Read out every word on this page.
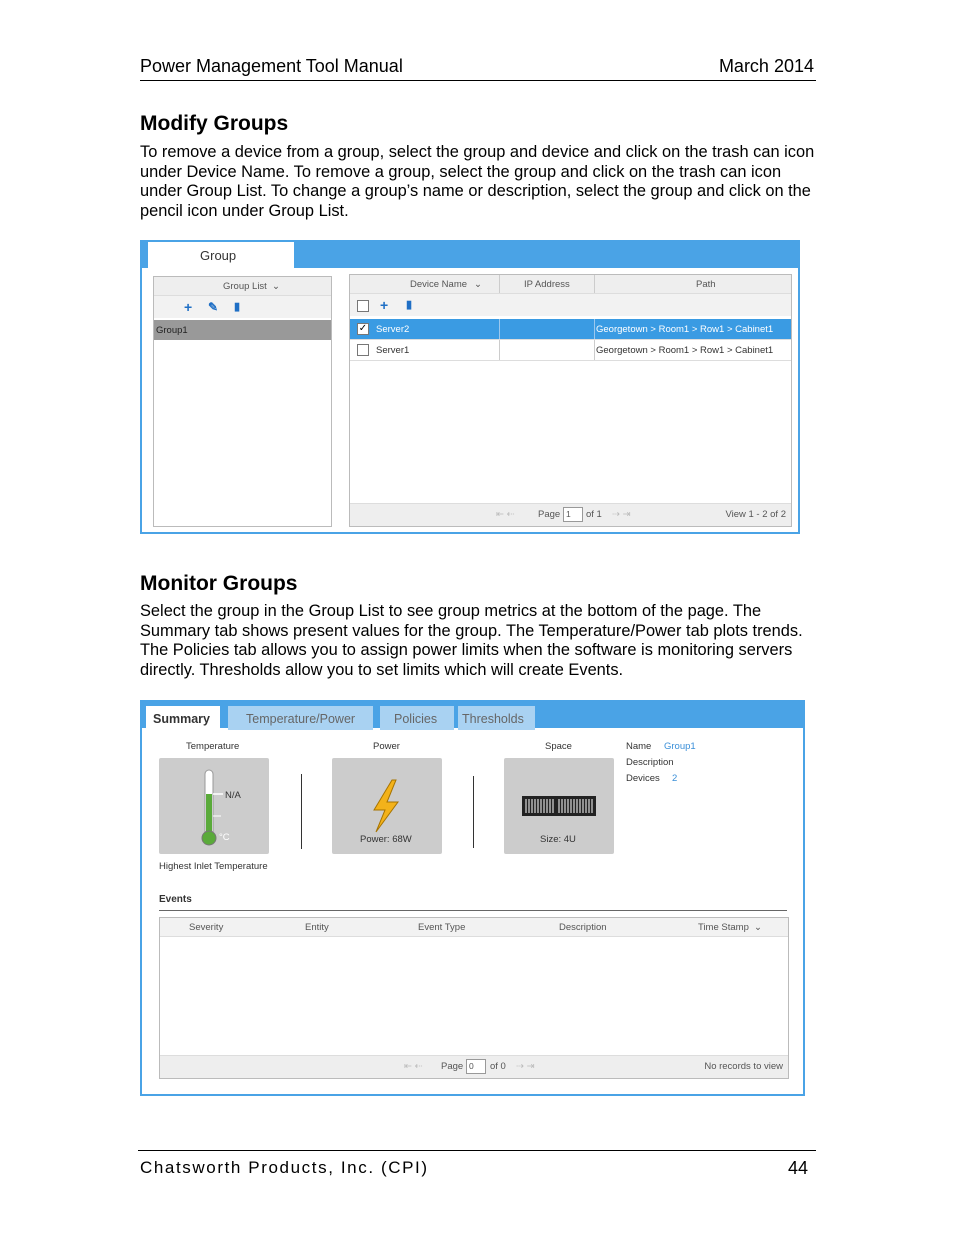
Power Management Tool Manual	March 2014
Modify Groups

To remove a device from a group, select the group and device and click on the trash can icon under Device Name. To remove a group, select the group and click on the trash can icon under Group List. To change a group’s name or description, select the group and click on the pencil icon under Group List.

Group
Group List ⌄
+ ✎ ▮
Group1
Device Name ⌄	IP Address	Path
+ ▮
✓ Server2	Georgetown > Room1 > Row1 > Cabinet1
Server1	Georgetown > Room1 > Row1 > Cabinet1
⇤ ⇠ Page 1 of 1 ⇢ ⇥	View 1 - 2 of 2
Monitor Groups

Select the group in the Group List to see group metrics at the bottom of the page. The Summary tab shows present values for the group. The Temperature/Power tab plots trends. The Policies tab allows you to assign power limits when the software is monitoring servers directly. Thresholds allow you to set limits which will create Events.

Summary	Temperature/Power	Policies Thresholds
Temperature
N/A
°C
Highest Inlet Temperature
Power
Power: 68W
Space
Size: 4U
Name Group1
Description
Devices 2
Events
Severity	Entity	Event Type	Description	Time Stamp ⌄
⇤ ⇠ Page 0 of 0 ⇢ ⇥	No records to view
Chatsworth Products, Inc. (CPI)	44
